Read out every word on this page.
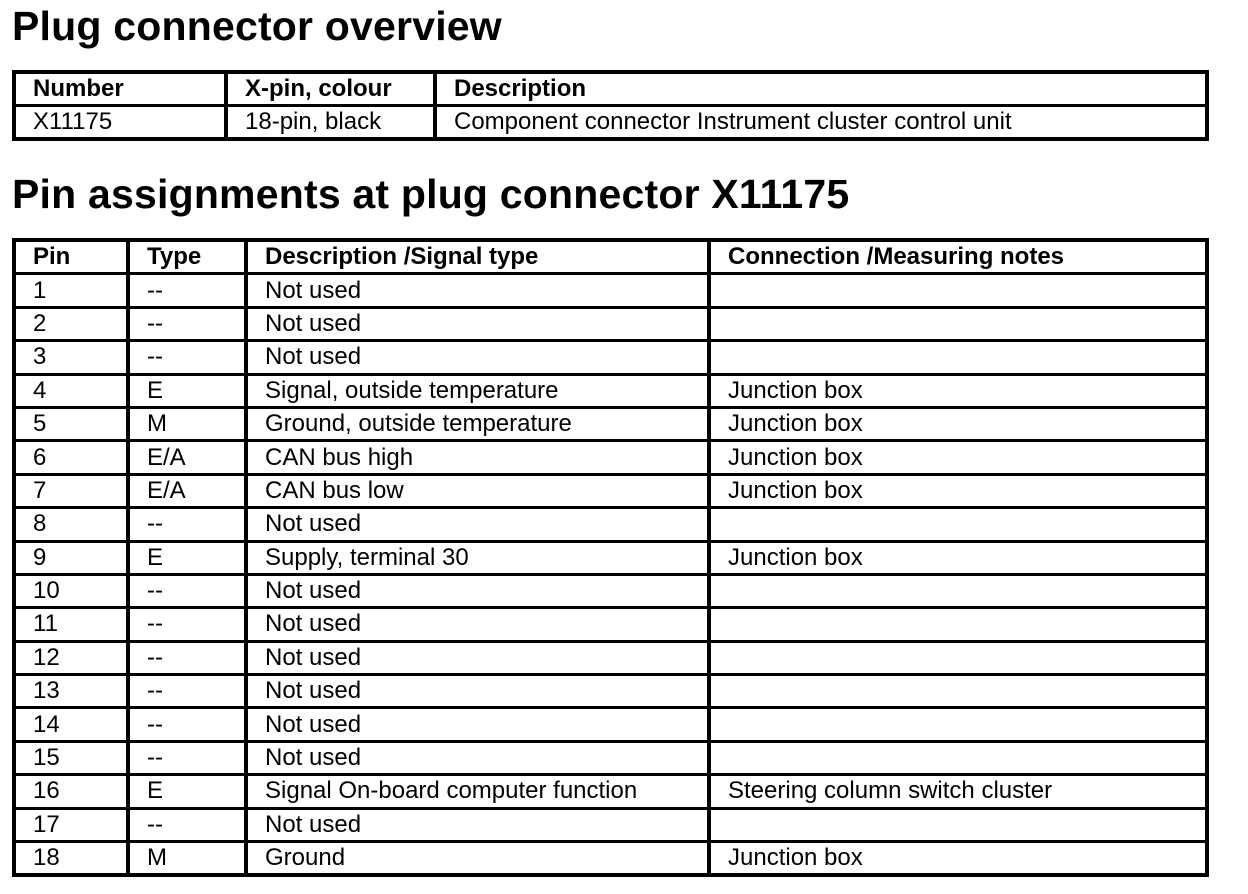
Plug connector overview
Number	X-pin, colour	Description
X11175	18-pin, black	Component connector Instrument cluster control unit
Pin assignments at plug connector X11175
Pin	Type	Description /Signal type	Connection /Measuring notes
1	--	Not used	
2	--	Not used	
3	--	Not used	
4	E	Signal, outside temperature	Junction box
5	M	Ground, outside temperature	Junction box
6	E/A	CAN bus high	Junction box
7	E/A	CAN bus low	Junction box
8	--	Not used	
9	E	Supply, terminal 30	Junction box
10	--	Not used	
11	--	Not used	
12	--	Not used	
13	--	Not used	
14	--	Not used	
15	--	Not used	
16	E	Signal On-board computer function	Steering column switch cluster
17	--	Not used	
18	M	Ground	Junction box
